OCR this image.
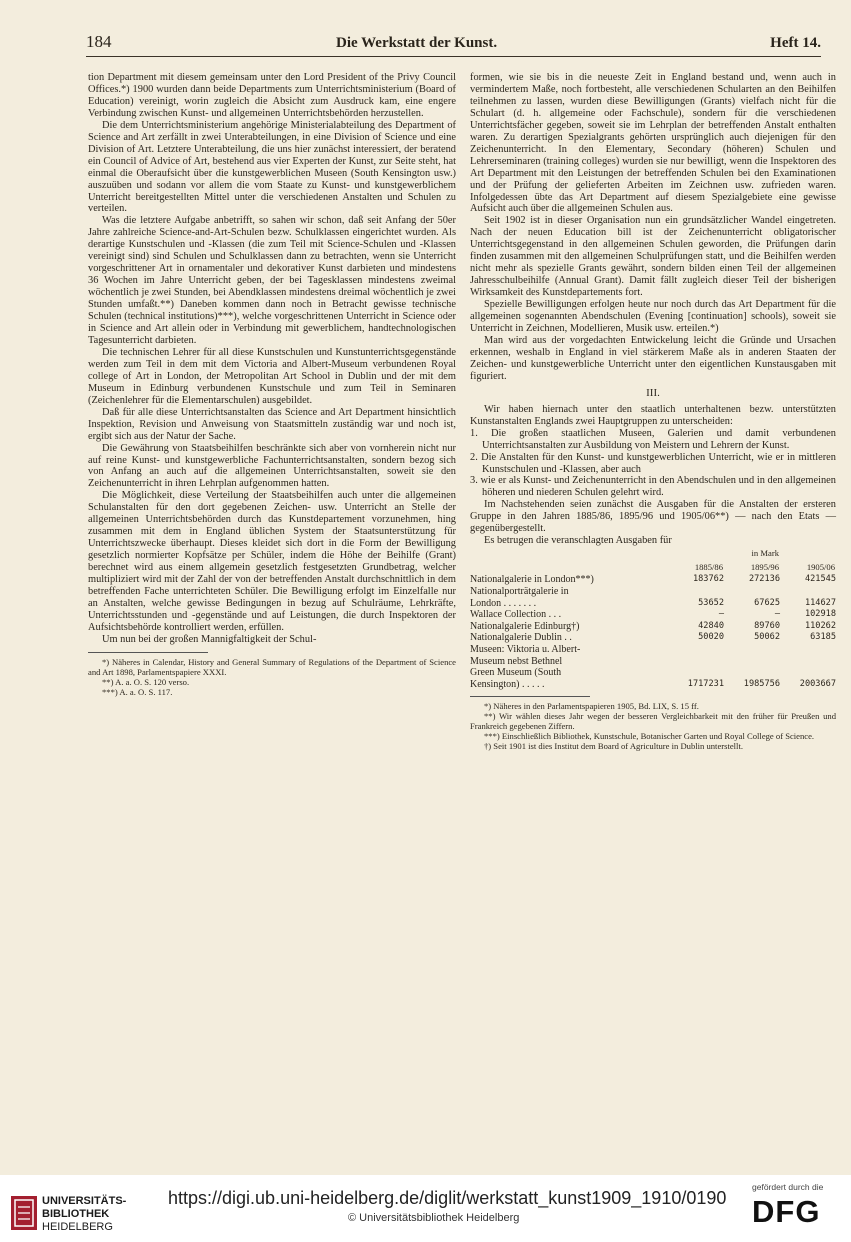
184	Die Werkstatt der Kunst.	Heft 14.

tion Department mit diesem gemeinsam unter den Lord President of the Privy Council Offices.*) 1900 wurden dann beide Departments zum Unterrichtsministerium (Board of Education) vereinigt, worin zugleich die Absicht zum Ausdruck kam, eine engere Verbindung zwischen Kunst- und allgemeinen Unterrichtsbehörden herzustellen.

Die dem Unterrichtsministerium angehörige Ministerialabteilung des Department of Science and Art zerfällt in zwei Unterabteilungen, in eine Division of Science und eine Division of Art. Letztere Unterabteilung, die uns hier zunächst interessiert, der beratend ein Council of Advice of Art, bestehend aus vier Experten der Kunst, zur Seite steht, hat einmal die Oberaufsicht über die kunstgewerblichen Museen (South Kensington usw.) auszuüben und sodann vor allem die vom Staate zu Kunst- und kunstgewerblichem Unterricht bereitgestellten Mittel unter die verschiedenen Anstalten und Schulen zu verteilen.

Was die letztere Aufgabe anbetrifft, so sahen wir schon, daß seit Anfang der 50er Jahre zahlreiche Science-and-Art-Schulen bezw. Schulklassen eingerichtet wurden. Als derartige Kunstschulen und -Klassen (die zum Teil mit Science-Schulen und -Klassen vereinigt sind) sind Schulen und Schulklassen dann zu betrachten, wenn sie Unterricht vorgeschrittener Art in ornamentaler und dekorativer Kunst darbieten und mindestens 36 Wochen im Jahre Unterricht geben, der bei Tagesklassen mindestens zweimal wöchentlich je zwei Stunden, bei Abendklassen mindestens dreimal wöchentlich je zwei Stunden umfaßt.**) Daneben kommen dann noch in Betracht gewisse technische Schulen (technical institutions)***), welche vorgeschrittenen Unterricht in Science oder in Science and Art allein oder in Verbindung mit gewerblichem, handtechnologischen Tagesunterricht darbieten.

Die technischen Lehrer für all diese Kunstschulen und Kunstunterrichtsgegenstände werden zum Teil in dem mit dem Victoria and Albert-Museum verbundenen Royal college of Art in London, der Metropolitan Art School in Dublin und der mit dem Museum in Edinburg verbundenen Kunstschule und zum Teil in Seminaren (Zeichenlehrer für die Elementarschulen) ausgebildet.

Daß für alle diese Unterrichtsanstalten das Science and Art Department hinsichtlich Inspektion, Revision und Anweisung von Staatsmitteln zuständig war und noch ist, ergibt sich aus der Natur der Sache.

Die Gewährung von Staatsbeihilfen beschränkte sich aber von vornherein nicht nur auf reine Kunst- und kunstgewerbliche Fachunterrichtsanstalten, sondern bezog sich von Anfang an auch auf die allgemeinen Unterrichtsanstalten, soweit sie den Zeichenunterricht in ihren Lehrplan aufgenommen hatten.

Die Möglichkeit, diese Verteilung der Staatsbeihilfen auch unter die allgemeinen Schulanstalten für den dort gegebenen Zeichen- usw. Unterricht an Stelle der allgemeinen Unterrichtsbehörden durch das Kunstdepartement vorzunehmen, hing zusammen mit dem in England üblichen System der Staatsunterstützung für Unterrichtszwecke überhaupt. Dieses kleidet sich dort in die Form der Bewilligung gesetzlich normierter Kopfsätze per Schüler, indem die Höhe der Beihilfe (Grant) berechnet wird aus einem allgemein gesetzlich festgesetzten Grundbetrag, welcher multipliziert wird mit der Zahl der von der betreffenden Anstalt durchschnittlich in dem betreffenden Fache unterrichteten Schüler. Die Bewilligung erfolgt im Einzelfalle nur an Anstalten, welche gewisse Bedingungen in bezug auf Schulräume, Lehrkräfte, Unterrichtsstunden und -gegenstände und auf Leistungen, die durch Inspektoren der Aufsichtsbehörde kontrolliert werden, erfüllen.

Um nun bei der großen Mannigfaltigkeit der Schul-

*) Näheres in Calendar, History and General Summary of Regulations of the Department of Science and Art 1898, Parlamentspapiere XXXI.

**) A. a. O. S. 120 verso.

***) A. a. O. S. 117.

formen, wie sie bis in die neueste Zeit in England bestand und, wenn auch in vermindertem Maße, noch fortbesteht, alle verschiedenen Schularten an den Beihilfen teilnehmen zu lassen, wurden diese Bewilligungen (Grants) vielfach nicht für die Schulart (d. h. allgemeine oder Fachschule), sondern für die verschiedenen Unterrichtsfächer gegeben, soweit sie im Lehrplan der betreffenden Anstalt enthalten waren. Zu derartigen Spezialgrants gehörten ursprünglich auch diejenigen für den Zeichenunterricht. In den Elementary, Secondary (höheren) Schulen und Lehrerseminaren (training colleges) wurden sie nur bewilligt, wenn die Inspektoren des Art Department mit den Leistungen der betreffenden Schulen bei den Examinationen und der Prüfung der gelieferten Arbeiten im Zeichnen usw. zufrieden waren. Infolgedessen übte das Art Department auf diesem Spezialgebiete eine gewisse Aufsicht auch über die allgemeinen Schulen aus.

Seit 1902 ist in dieser Organisation nun ein grundsätzlicher Wandel eingetreten. Nach der neuen Education bill ist der Zeichenunterricht obligatorischer Unterrichtsgegenstand in den allgemeinen Schulen geworden, die Prüfungen darin finden zusammen mit den allgemeinen Schulprüfungen statt, und die Beihilfen werden nicht mehr als spezielle Grants gewährt, sondern bilden einen Teil der allgemeinen Jahresschulbeihilfe (Annual Grant). Damit fällt zugleich dieser Teil der bisherigen Wirksamkeit des Kunstdepartements fort.

Spezielle Bewilligungen erfolgen heute nur noch durch das Art Department für die allgemeinen sogenannten Abendschulen (Evening [continuation] schools), soweit sie Unterricht in Zeichnen, Modellieren, Musik usw. erteilen.*)

Man wird aus der vorgedachten Entwickelung leicht die Gründe und Ursachen erkennen, weshalb in England in viel stärkerem Maße als in anderen Staaten der Zeichen- und kunstgewerbliche Unterricht unter den eigentlichen Kunstausgaben mit figuriert.

III.

Wir haben hiernach unter den staatlich unterhaltenen bezw. unterstützten Kunstanstalten Englands zwei Hauptgruppen zu unterscheiden:

1. Die großen staatlichen Museen, Galerien und damit verbundenen Unterrichtsanstalten zur Ausbildung von Meistern und Lehrern der Kunst.

2. Die Anstalten für den Kunst- und kunstgewerblichen Unterricht, wie er in mittleren Kunstschulen und -Klassen, aber auch

3. wie er als Kunst- und Zeichenunterricht in den Abendschulen und in den allgemeinen höheren und niederen Schulen gelehrt wird.

Im Nachstehenden seien zunächst die Ausgaben für die Anstalten der ersteren Gruppe in den Jahren 1885/86, 1895/96 und 1905/06**) — nach den Etats — gegenübergestellt.

Es betrugen die veranschlagten Ausgaben für

		in Mark	
	1885/86	1895/96	1905/06
Nationalgalerie in London***)	183762	272136	421545
Nationalporträtgalerie in			
London . . . . . . .	53652	67625	114627
Wallace Collection . . .	—	—	102918
Nationalgalerie Edinburg†)	42840	89760	110262
Nationalgalerie Dublin . .	50020	50062	63185
Museen: Viktoria u. Albert-			
Museum nebst Bethnel			
Green Museum (South			
Kensington) . . . . .	1717231	1985756	2003667

*) Näheres in den Parlamentspapieren 1905, Bd. LIX, S. 15 ff.

**) Wir wählen dieses Jahr wegen der besseren Vergleichbarkeit mit den früher für Preußen und Frankreich gegebenen Ziffern.

***) Einschließlich Bibliothek, Kunstschule, Botanischer Garten und Royal College of Science.

†) Seit 1901 ist dies Institut dem Board of Agriculture in Dublin unterstellt.

UNIVERSITÄTS-
BIBLIOTHEK
HEIDELBERG
https://digi.ub.uni-heidelberg.de/diglit/werkstatt_kunst1909_1910/0190
© Universitätsbibliothek Heidelberg
gefördert durch die
DFG
